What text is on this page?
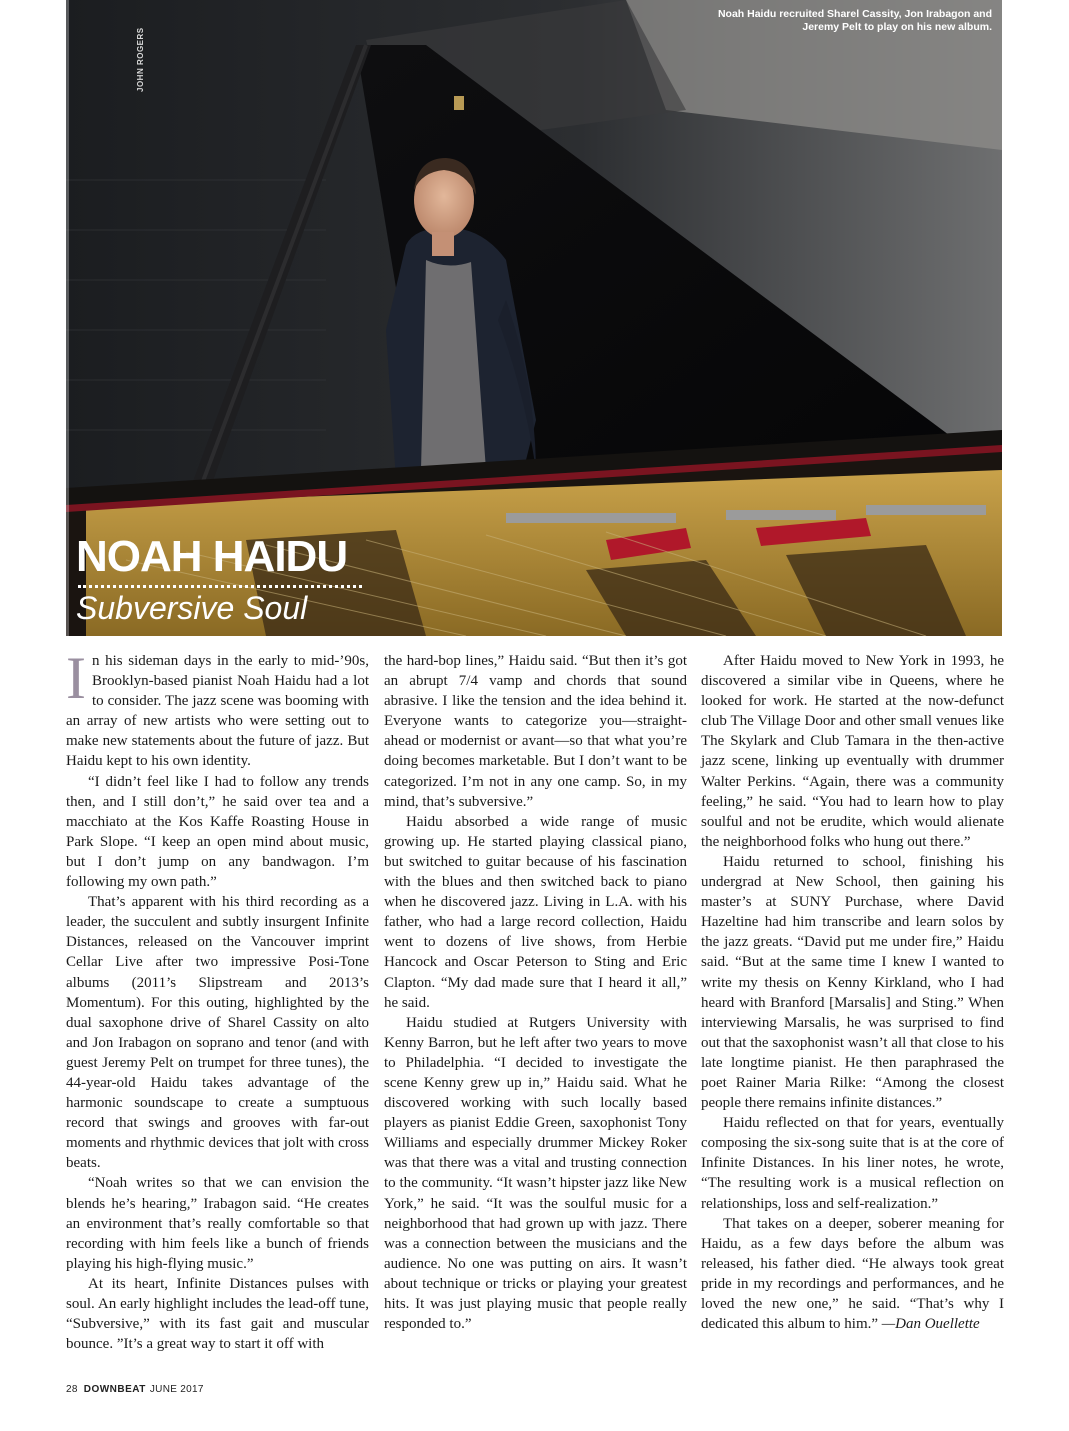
JOHN ROGERS
Noah Haidu recruited Sharel Cassity, Jon Irabagon and Jeremy Pelt to play on his new album.
NOAH HAIDU
Subversive Soul

In his sideman days in the early to mid-’90s, Brooklyn-based pianist Noah Haidu had a lot to consider. The jazz scene was booming with an array of new artists who were setting out to make new statements about the future of jazz. But Haidu kept to his own identity.

“I didn’t feel like I had to follow any trends then, and I still don’t,” he said over tea and a macchiato at the Kos Kaffe Roasting House in Park Slope. “I keep an open mind about music, but I don’t jump on any bandwagon. I’m following my own path.”

That’s apparent with his third recording as a leader, the succulent and subtly insurgent Infinite Distances, released on the Vancouver imprint Cellar Live after two impressive Posi-Tone albums (2011’s Slipstream and 2013’s Momentum). For this outing, highlighted by the dual saxophone drive of Sharel Cassity on alto and Jon Irabagon on soprano and tenor (and with guest Jeremy Pelt on trumpet for three tunes), the 44-year-old Haidu takes advantage of the harmonic soundscape to create a sumptuous record that swings and grooves with far-out moments and rhythmic devices that jolt with cross beats.

“Noah writes so that we can envision the blends he’s hearing,” Irabagon said. “He creates an environment that’s really comfortable so that recording with him feels like a bunch of friends playing his high-flying music.”

At its heart, Infinite Distances pulses with soul. An early highlight includes the lead-off tune, “Subversive,” with its fast gait and muscular bounce. ”It’s a great way to start it off with

the hard-bop lines,” Haidu said. “But then it’s got an abrupt 7/4 vamp and chords that sound abrasive. I like the tension and the idea behind it. Everyone wants to categorize you—straight-ahead or modernist or avant—so that what you’re doing becomes marketable. But I don’t want to be categorized. I’m not in any one camp. So, in my mind, that’s subversive.”

Haidu absorbed a wide range of music growing up. He started playing classical piano, but switched to guitar because of his fascination with the blues and then switched back to piano when he discovered jazz. Living in L.A. with his father, who had a large record collection, Haidu went to dozens of live shows, from Herbie Hancock and Oscar Peterson to Sting and Eric Clapton. “My dad made sure that I heard it all,” he said.

Haidu studied at Rutgers University with Kenny Barron, but he left after two years to move to Philadelphia. “I decided to investigate the scene Kenny grew up in,” Haidu said. What he discovered working with such locally based players as pianist Eddie Green, saxophonist Tony Williams and especially drummer Mickey Roker was that there was a vital and trusting connection to the community. “It wasn’t hipster jazz like New York,” he said. “It was the soulful music for a neighborhood that had grown up with jazz. There was a connection between the musicians and the audience. No one was putting on airs. It wasn’t about technique or tricks or playing your greatest hits. It was just playing music that people really responded to.”

After Haidu moved to New York in 1993, he discovered a similar vibe in Queens, where he looked for work. He started at the now-defunct club The Village Door and other small venues like The Skylark and Club Tamara in the then-active jazz scene, linking up eventually with drummer Walter Perkins. “Again, there was a community feeling,” he said. “You had to learn how to play soulful and not be erudite, which would alienate the neighborhood folks who hung out there.”

Haidu returned to school, finishing his undergrad at New School, then gaining his master’s at SUNY Purchase, where David Hazeltine had him transcribe and learn solos by the jazz greats. “David put me under fire,” Haidu said. “But at the same time I knew I wanted to write my thesis on Kenny Kirkland, who I had heard with Branford [Marsalis] and Sting.” When interviewing Marsalis, he was surprised to find out that the saxophonist wasn’t all that close to his late longtime pianist. He then paraphrased the poet Rainer Maria Rilke: “Among the closest people there remains infinite distances.”

Haidu reflected on that for years, eventually composing the six-song suite that is at the core of Infinite Distances. In his liner notes, he wrote, “The resulting work is a musical reflection on relationships, loss and self-realization.”

That takes on a deeper, soberer meaning for Haidu, as a few days before the album was released, his father died. “He always took great pride in my recordings and performances, and he loved the new one,” he said. “That’s why I dedicated this album to him.” —Dan Ouellette

28 DOWNBEAT JUNE 2017
